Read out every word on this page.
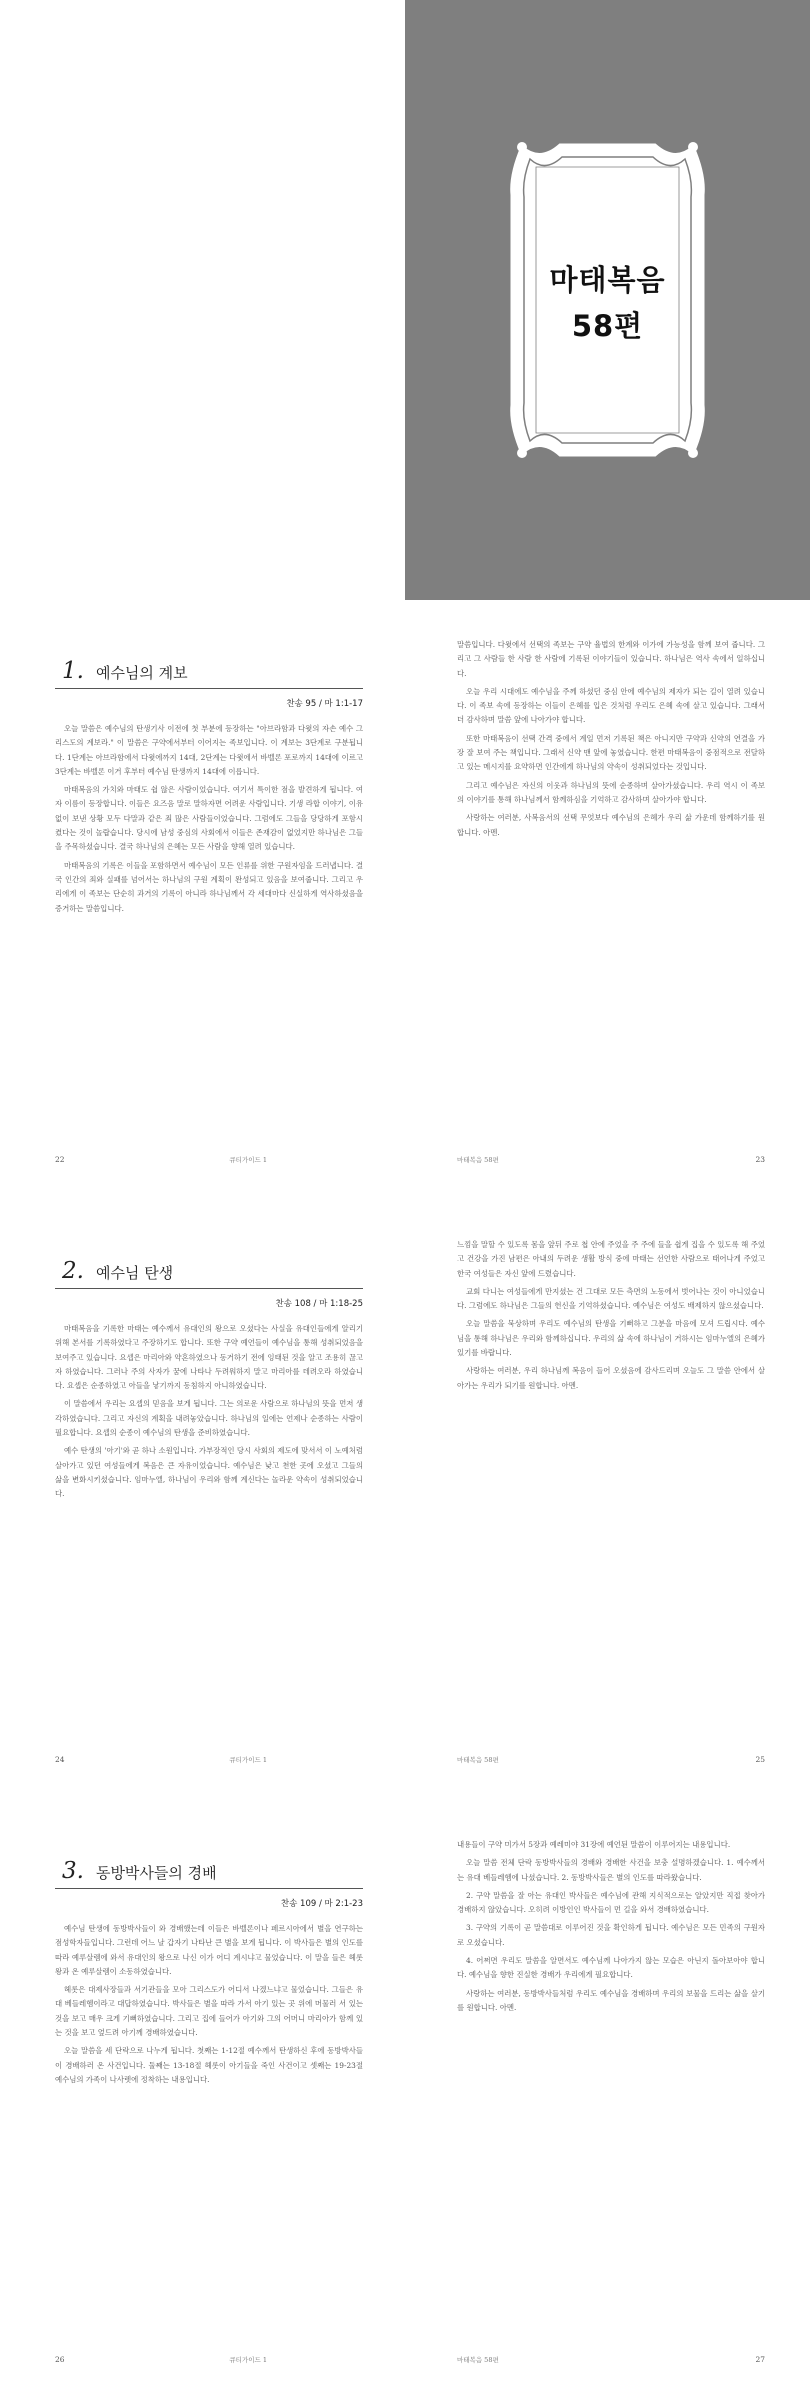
마태복음
58편
1. 예수님의 계보
찬송 95 / 마 1:1-17

오늘 말씀은 예수님의 탄생기사 이전에 첫 부분에 등장하는 "아브라함과 다윗의 자손 예수 그리스도의 계보라." 이 말씀은 구약에서부터 이어지는 족보입니다. 이 계보는 3단계로 구분됩니다. 1단계는 아브라함에서 다윗에까지 14대, 2단계는 다윗에서 바벨론 포로까지 14대에 이르고 3단계는 바벨론 이거 후부터 예수님 탄생까지 14대에 이릅니다.

마태복음의 가치와 마태도 쉽 않은 사람이었습니다. 여기서 특이한 점을 발견하게 됩니다. 여자 이름이 등장합니다. 이들은 요즈음 말로 말하자면 어려운 사람입니다. 기생 라합 이야기, 이유 없이 보낸 상황 모두 다말과 같은 죄 많은 사람들이었습니다. 그럼에도 그들을 당당하게 포함시켰다는 것이 놀랍습니다. 당시에 남성 중심의 사회에서 이들은 존재감이 없었지만 하나님은 그들을 주목하셨습니다. 결국 하나님의 은혜는 모든 사람을 향해 열려 있습니다.

마태복음의 기록은 이들을 포함하면서 예수님이 모든 인류를 위한 구원자임을 드러냅니다. 결국 인간의 죄와 실패를 넘어서는 하나님의 구원 계획이 완성되고 있음을 보여줍니다. 그리고 우리에게 이 족보는 단순히 과거의 기록이 아니라 하나님께서 각 세대마다 신실하게 역사하셨음을 증거하는 말씀입니다.

22	큐티가이드 1

말씀입니다. 다윗에서 선택의 족보는 구약 율법의 한계와 이가에 가능성을 함께 보여 줍니다. 그리고 그 사람들 한 사람 한 사람에 기록된 이야기들이 있습니다. 하나님은 역사 속에서 일하십니다.

오늘 우리 시대에도 예수님을 주께 하셨던 중심 안에 예수님의 제자가 되는 길이 열려 있습니다. 이 족보 속에 등장하는 이들이 은혜를 입은 것처럼 우리도 은혜 속에 살고 있습니다. 그래서 더 감사하며 말씀 앞에 나아가야 합니다.

또한 마태복음이 선택 간격 중에서 계일 먼저 기록된 책은 아니지만 구약과 신약의 연결을 가장 잘 보여 주는 책입니다. 그래서 신약 맨 앞에 놓였습니다. 한편 마태복음이 중점적으로 전달하고 있는 메시지를 요약하면 인간에게 하나님의 약속이 성취되었다는 것입니다.

그리고 예수님은 자신의 이웃과 하나님의 뜻에 순종하며 살아가셨습니다. 우리 역시 이 족보의 이야기를 통해 하나님께서 함께하심을 기억하고 감사하며 살아가야 합니다.

사랑하는 여러분, 사복음서의 선택 무엇보다 예수님의 은혜가 우리 삶 가운데 함께하기를 원합니다. 아멘.

마태복음 58편	23
2. 예수님 탄생
찬송 108 / 마 1:18-25

마태복음을 기록한 마태는 예수께서 유대인의 왕으로 오셨다는 사실을 유대인들에게 알리기 위해 본서를 기록하였다고 주장하기도 합니다. 또한 구약 예언들이 예수님을 통해 성취되었음을 보여주고 있습니다. 요셉은 마리아와 약혼하였으나 동거하기 전에 잉태된 것을 알고 조용히 끊고자 하였습니다. 그러나 주의 사자가 꿈에 나타나 두려워하지 말고 마리아를 데려오라 하였습니다. 요셉은 순종하였고 아들을 낳기까지 동침하지 아니하였습니다.

이 말씀에서 우리는 요셉의 믿음을 보게 됩니다. 그는 의로운 사람으로 하나님의 뜻을 먼저 생각하였습니다. 그리고 자신의 계획을 내려놓았습니다. 하나님의 일에는 언제나 순종하는 사람이 필요합니다. 요셉의 순종이 예수님의 탄생을 준비하였습니다.

예수 탄생의 '아기'와 곧 하나 소원입니다. 가부장적인 당시 사회의 제도에 맞서서 이 노예처럼 살아가고 있던 여성들에게 복음은 큰 자유이었습니다. 예수님은 낮고 천한 곳에 오셨고 그들의 삶을 변화시키셨습니다. 임마누엘, 하나님이 우리와 함께 계신다는 놀라운 약속이 성취되었습니다.

24	큐티가이드 1

느낌을 말할 수 있도록 몸을 앞뒤 주로 첩 안에 주었을 주 주에 들을 쉽게 집을 수 있도록 해 주었고 건강을 가진 남편은 아내의 두려운 생활 방식 중에 마태는 선언한 사람으로 태어나게 주었고 한국 여성들은 자신 앞에 드렸습니다.

교회 다니는 여성들에게 만지셨는 건 그대로 모든 측면의 노동에서 벗어나는 것이 아니었습니다. 그럼에도 하나님은 그들의 헌신을 기억하셨습니다. 예수님은 여성도 배제하지 않으셨습니다.

오늘 말씀을 묵상하며 우리도 예수님의 탄생을 기뻐하고 그분을 마음에 모셔 드립시다. 예수님을 통해 하나님은 우리와 함께하십니다. 우리의 삶 속에 하나님이 거하시는 임마누엘의 은혜가 있기를 바랍니다.

사랑하는 여러분, 우리 하나님께 복음이 들어 오셨음에 감사드리며 오늘도 그 말씀 안에서 살아가는 우리가 되기를 원합니다. 아멘.

마태복음 58편	25
3. 동방박사들의 경배
찬송 109 / 마 2:1-23

예수님 탄생에 동방박사들이 와 경배했는데 이들은 바벨론이나 페르시아에서 별을 연구하는 점성학자들입니다. 그런데 어느 날 갑자기 나타난 큰 별을 보게 됩니다. 이 박사들은 별의 인도를 따라 예루살렘에 와서 유대인의 왕으로 나신 이가 어디 계시냐고 물었습니다. 이 말을 들은 헤롯 왕과 온 예루살렘이 소동하였습니다.

헤롯은 대제사장들과 서기관들을 모아 그리스도가 어디서 나겠느냐고 물었습니다. 그들은 유대 베들레헴이라고 대답하였습니다. 박사들은 별을 따라 가서 아기 있는 곳 위에 머물러 서 있는 것을 보고 매우 크게 기뻐하였습니다. 그리고 집에 들어가 아기와 그의 어머니 마리아가 함께 있는 것을 보고 엎드려 아기께 경배하였습니다.

오늘 말씀을 세 단락으로 나누게 됩니다. 첫째는 1-12절 예수께서 탄생하신 후에 동방박사들이 경배하러 온 사건입니다. 둘째는 13-18절 헤롯이 아기들을 죽인 사건이고 셋째는 19-23절 예수님의 가족이 나사렛에 정착하는 내용입니다.

26	큐티가이드 1

내용들이 구약 미가서 5장과 예레미야 31장에 예언된 말씀이 이루어지는 내용입니다.

오늘 말씀 전체 단락 동방박사들의 경배와 경배한 사건을 보충 설명하겠습니다. 1. 예수께서는 유대 베들레헴에 나셨습니다. 2. 동방박사들은 별의 인도를 따라왔습니다.

2. 구약 말씀을 잘 아는 유대인 박사들은 예수님에 관해 지식적으로는 알았지만 직접 찾아가 경배하지 않았습니다. 오히려 이방인인 박사들이 먼 길을 와서 경배하였습니다.

3. 구약의 기록이 곧 말씀대로 이루어진 것을 확인하게 됩니다. 예수님은 모든 민족의 구원자로 오셨습니다.

4. 어쩌면 우리도 말씀을 알면서도 예수님께 나아가지 않는 모습은 아닌지 돌아보아야 합니다. 예수님을 향한 진실한 경배가 우리에게 필요합니다.

사랑하는 여러분, 동방박사들처럼 우리도 예수님을 경배하며 우리의 보물을 드리는 삶을 살기를 원합니다. 아멘.

마태복음 58편	27
